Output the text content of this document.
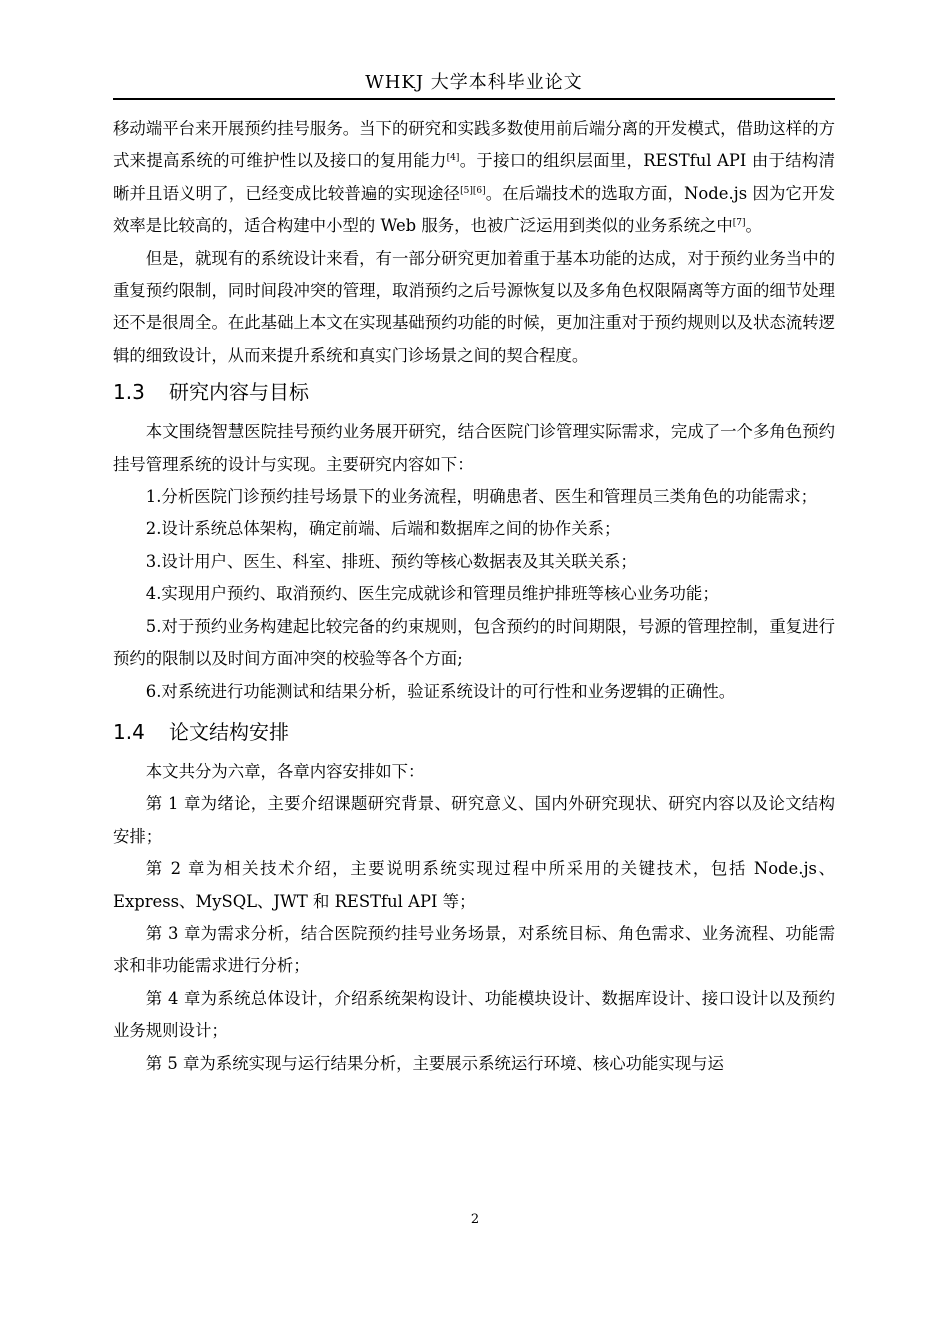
WHKJ 大学本科毕业论文

移动端平台来开展预约挂号服务。当下的研究和实践多数使用前后端分离的开发模式，借助这样的方式来提高系统的可维护性以及接口的复用能力[4]。于接口的组织层面里，RESTful API 由于结构清晰并且语义明了，已经变成比较普遍的实现途径[5][6]。在后端技术的选取方面，Node.js 因为它开发效率是比较高的，适合构建中小型的 Web 服务，也被广泛运用到类似的业务系统之中[7]。

但是，就现有的系统设计来看，有一部分研究更加着重于基本功能的达成，对于预约业务当中的重复预约限制，同时间段冲突的管理，取消预约之后号源恢复以及多角色权限隔离等方面的细节处理还不是很周全。在此基础上本文在实现基础预约功能的时候，更加注重对于预约规则以及状态流转逻辑的细致设计，从而来提升系统和真实门诊场景之间的契合程度。

1.3 研究内容与目标

本文围绕智慧医院挂号预约业务展开研究，结合医院门诊管理实际需求，完成了一个多角色预约挂号管理系统的设计与实现。主要研究内容如下：

1.分析医院门诊预约挂号场景下的业务流程，明确患者、医生和管理员三类角色的功能需求；

2.设计系统总体架构，确定前端、后端和数据库之间的协作关系；

3.设计用户、医生、科室、排班、预约等核心数据表及其关联关系；

4.实现用户预约、取消预约、医生完成就诊和管理员维护排班等核心业务功能；

5.对于预约业务构建起比较完备的约束规则，包含预约的时间期限，号源的管理控制，重复进行预约的限制以及时间方面冲突的校验等各个方面;

6.对系统进行功能测试和结果分析，验证系统设计的可行性和业务逻辑的正确性。

1.4 论文结构安排

本文共分为六章，各章内容安排如下：

第 1 章为绪论，主要介绍课题研究背景、研究意义、国内外研究现状、研究内容以及论文结构安排；

第 2 章为相关技术介绍，主要说明系统实现过程中所采用的关键技术，包括 Node.js、Express、MySQL、JWT 和 RESTful API 等；

第 3 章为需求分析，结合医院预约挂号业务场景，对系统目标、角色需求、业务流程、功能需求和非功能需求进行分析；

第 4 章为系统总体设计，介绍系统架构设计、功能模块设计、数据库设计、接口设计以及预约业务规则设计；

第 5 章为系统实现与运行结果分析，主要展示系统运行环境、核心功能实现与运

2
